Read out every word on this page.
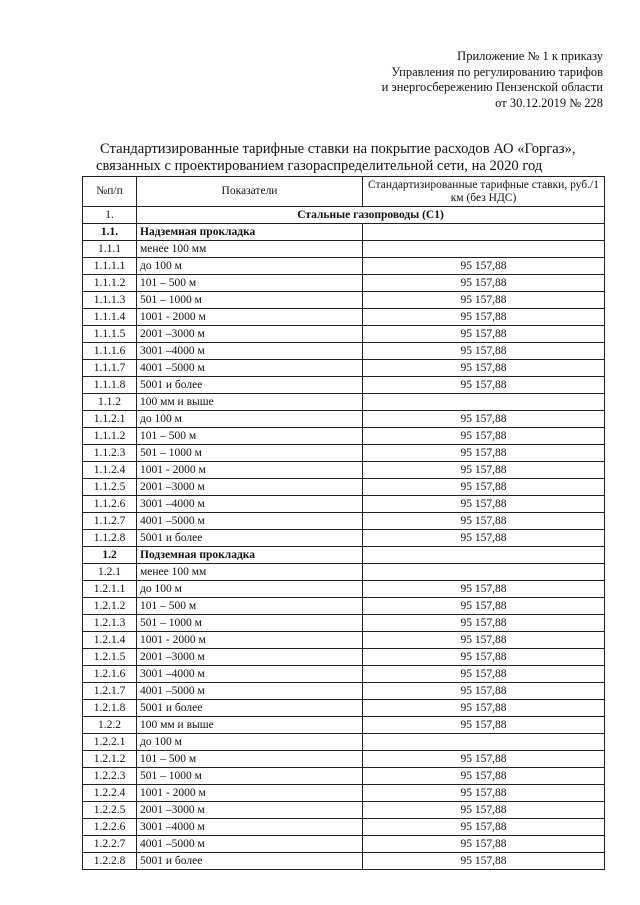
Приложение № 1 к приказу
Управления по регулированию тарифов
и энергосбережению Пензенской области
от 30.12.2019 № 228
Стандартизированные тарифные ставки на покрытие расходов АО «Горгаз»,
связанных с проектированием газораспределительной сети, на 2020 год
№п/п	Показатели	Стандартизированные тарифные ставки, руб./1 км (без НДС)
1.	Стальные газопроводы (С1)	
1.1.	Надземная прокладка	
1.1.1	менее 100 мм	
1.1.1.1	до 100 м	95 157,88
1.1.1.2	101 – 500 м	95 157,88
1.1.1.3	501 – 1000 м	95 157,88
1.1.1.4	1001 - 2000 м	95 157,88
1.1.1.5	2001 –3000 м	95 157,88
1.1.1.6	3001 –4000 м	95 157,88
1.1.1.7	4001 –5000 м	95 157,88
1.1.1.8	5001 и более	95 157,88
1.1.2	100 мм и выше	
1.1.2.1	до 100 м	95 157,88
1.1.1.2	101 – 500 м	95 157,88
1.1.2.3	501 – 1000 м	95 157,88
1.1.2.4	1001 - 2000 м	95 157,88
1.1.2.5	2001 –3000 м	95 157,88
1.1.2.6	3001 –4000 м	95 157,88
1.1.2.7	4001 –5000 м	95 157,88
1.1.2.8	5001 и более	95 157,88
1.2	Подземная прокладка	
1.2.1	менее 100 мм	
1.2.1.1	до 100 м	95 157,88
1.2.1.2	101 – 500 м	95 157,88
1.2.1.3	501 – 1000 м	95 157,88
1.2.1.4	1001 - 2000 м	95 157,88
1.2.1.5	2001 –3000 м	95 157,88
1.2.1.6	3001 –4000 м	95 157,88
1.2.1.7	4001 –5000 м	95 157,88
1.2.1.8	5001 и более	95 157,88
1.2.2	100 мм и выше	95 157,88
1.2.2.1	до 100 м	
1.2.1.2	101 – 500 м	95 157,88
1.2.2.3	501 – 1000 м	95 157,88
1.2.2.4	1001 - 2000 м	95 157,88
1.2.2.5	2001 –3000 м	95 157,88
1.2.2.6	3001 –4000 м	95 157,88
1.2.2.7	4001 –5000 м	95 157,88
1.2.2.8	5001 и более	95 157,88
